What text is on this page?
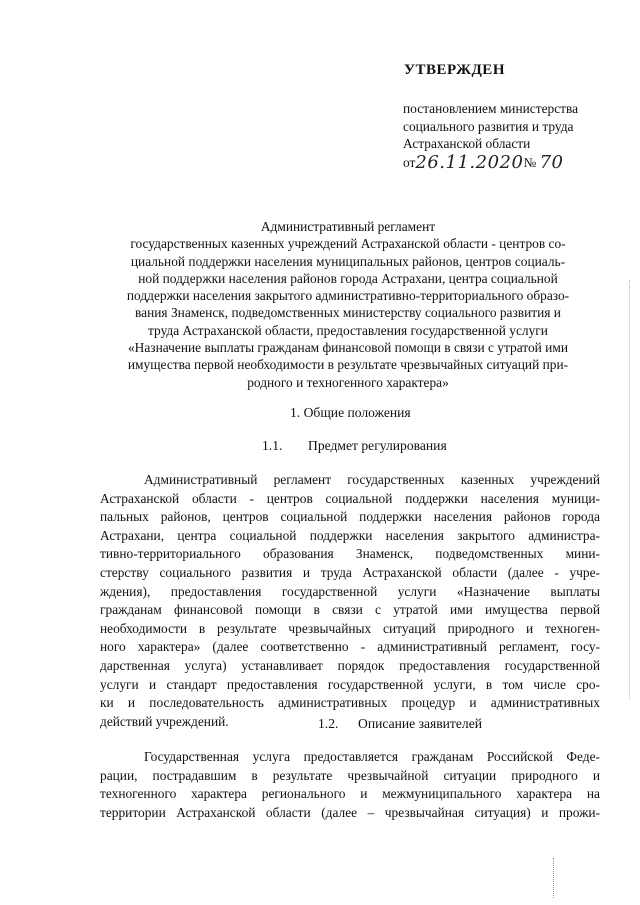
УТВЕРЖДЕН
постановлением министерства
социального развития и труда
Астраханской области
от26.11.2020№ 70
Административный регламент
государственных казенных учреждений Астраханской области - центров со-
циальной поддержки населения муниципальных районов, центров социаль-
ной поддержки населения районов города Астрахани, центра социальной
поддержки населения закрытого административно-территориального образо-
вания Знаменск, подведомственных министерству социального развития и
труда Астраханской области, предоставления государственной услуги
«Назначение выплаты гражданам финансовой помощи в связи с утратой ими
имущества первой необходимости в результате чрезвычайных ситуаций при-
родного и техногенного характера»
1. Общие положения
1.1. Предмет регулирования
Административный регламент государственных казенных учреждений
Астраханской области - центров социальной поддержки населения муници-
пальных районов, центров социальной поддержки населения районов города
Астрахани, центра социальной поддержки населения закрытого администра-
тивно-территориального образования Знаменск, подведомственных мини-
стерству социального развития и труда Астраханской области (далее - учре-
ждения), предоставления государственной услуги «Назначение выплаты
гражданам финансовой помощи в связи с утратой ими имущества первой
необходимости в результате чрезвычайных ситуаций природного и техноген-
ного характера» (далее соответственно - административный регламент, госу-
дарственная услуга) устанавливает порядок предоставления государственной
услуги и стандарт предоставления государственной услуги, в том числе сро-
ки и последовательность административных процедур и административных
действий учреждений.	1.2. Описание заявителей
Государственная услуга предоставляется гражданам Российской Феде-
рации, пострадавшим в результате чрезвычайной ситуации природного и
техногенного характера регионального и межмуниципального характера на
территории Астраханской области (далее – чрезвычайная ситуация) и прожи-
